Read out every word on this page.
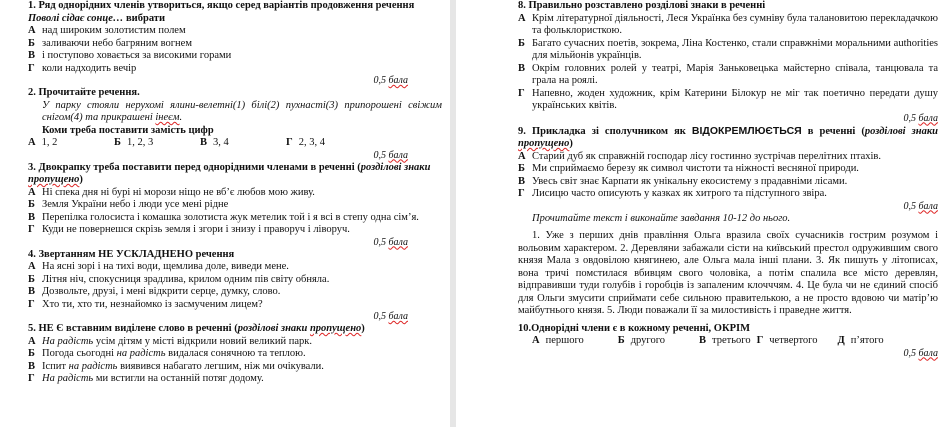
1. Ряд однорідних членів утвориться, якщо серед варіантів продовження речення Поволі сідає сонце… вибрати
А над широким золотистим полем
Б заливаючи небо багряним вогнем
В і поступово ховається за високими горами
Г коли надходить вечір
0,5 бала
2. Прочитайте речення.
У парку стояли нерухомі ялини-велетні(1) білі(2) пухнасті(3) припорошені свіжим снігом(4) та прикрашені інеєм.
Коми треба поставити замість цифр
А 1, 2	Б 1, 2, 3	В 3, 4	Г 2, 3, 4
0,5 бала
3. Двокрапку треба поставити перед однорідними членами в реченні (розділові знаки пропущено)
А Ні спека дня ні бурі ні морози ніщо не вб’є любов мою живу.
Б Земля України небо і люди усе мені рідне
В Перепілка голосиста і комашка золотиста жук метелик той і я всі в степу одна сім’я.
Г Куди не повернешся скрізь земля і згори і знизу і праворуч і ліворуч.
0,5 бала
4. Звертанням НЕ УСКЛАДНЕНО речення
А На ясні зорі і на тихі води, щемлива доле, виведи мене.
Б Літня ніч, спокусниця зрадлива, крилом одним пів світу обняла.
В Дозвольте, друзі, і мені відкрити серце, думку, слово.
Г Хто ти, хто ти, незнайомко із засмученим лицем?
0,5 бала
5. НЕ Є вставним виділене слово в реченні (розділові знаки пропущено)
А На радість усім дітям у місті відкрили новий великий парк.
Б Погода сьогодні на радість видалася сонячною та теплою.
В Іспит на радість виявився набагато легшим, ніж ми очікували.
Г На радість ми встигли на останній потяг додому.
8. Правильно розставлено розділові знаки в реченні
А Крім літературної діяльності, Леся Українка без сумніву була талановитою перекладачкою та фольклористкою.
Б Багато сучасних поетів, зокрема, Ліна Костенко, стали справжніми моральними authorities для мільйонів українців.
В Окрім головних ролей у театрі, Марія Заньковецька майстерно співала, танцювала та грала на роялі.
Г Напевно, жоден художник, крім Катерини Білокур не міг так поетично передати душу українських квітів.
0,5 бала
9. Прикладка зі сполучником як ВІДОКРЕМЛЮЄТЬСЯ в реченні (розділові знаки пропущено)
А Старий дуб як справжній господар лісу гостинно зустрічав перелітних птахів.
Б Ми сприймаємо березу як символ чистоти та ніжності весняної природи.
В Увесь світ знає Карпати як унікальну екосистему з прадавніми лісами.
Г Лисицю часто описують у казках як хитрого та підступного звіра.
0,5 бала
Прочитайте текст і виконайте завдання 10-12 до нього.
1. Уже з перших днів правління Ольга вразила своїх сучасників гострим розумом і вольовим характером. 2. Деревляни забажали сісти на київський престол одружившим свого князя Мала з овдовілою княгинею, але Ольга мала інші плани. 3. Як пишуть у літописах, вона тричі помстилася вбивцям свого чоловіка, а потім спалила все місто деревлян, відправивши туди голубів і горобців із запаленим клочччям. 4. Це була чи не єдиний спосіб для Ольги змусити сприймати себе сильною правителькою, а не просто вдовою чи матір’ю майбутнього князя. 5. Люди поважали її за милостивість і праведне життя.
10.Однорідні члени є в кожному реченні, ОКРІМ
А першого	Б другого	В третього Г четвертого Д п’ятого
0,5 бала
